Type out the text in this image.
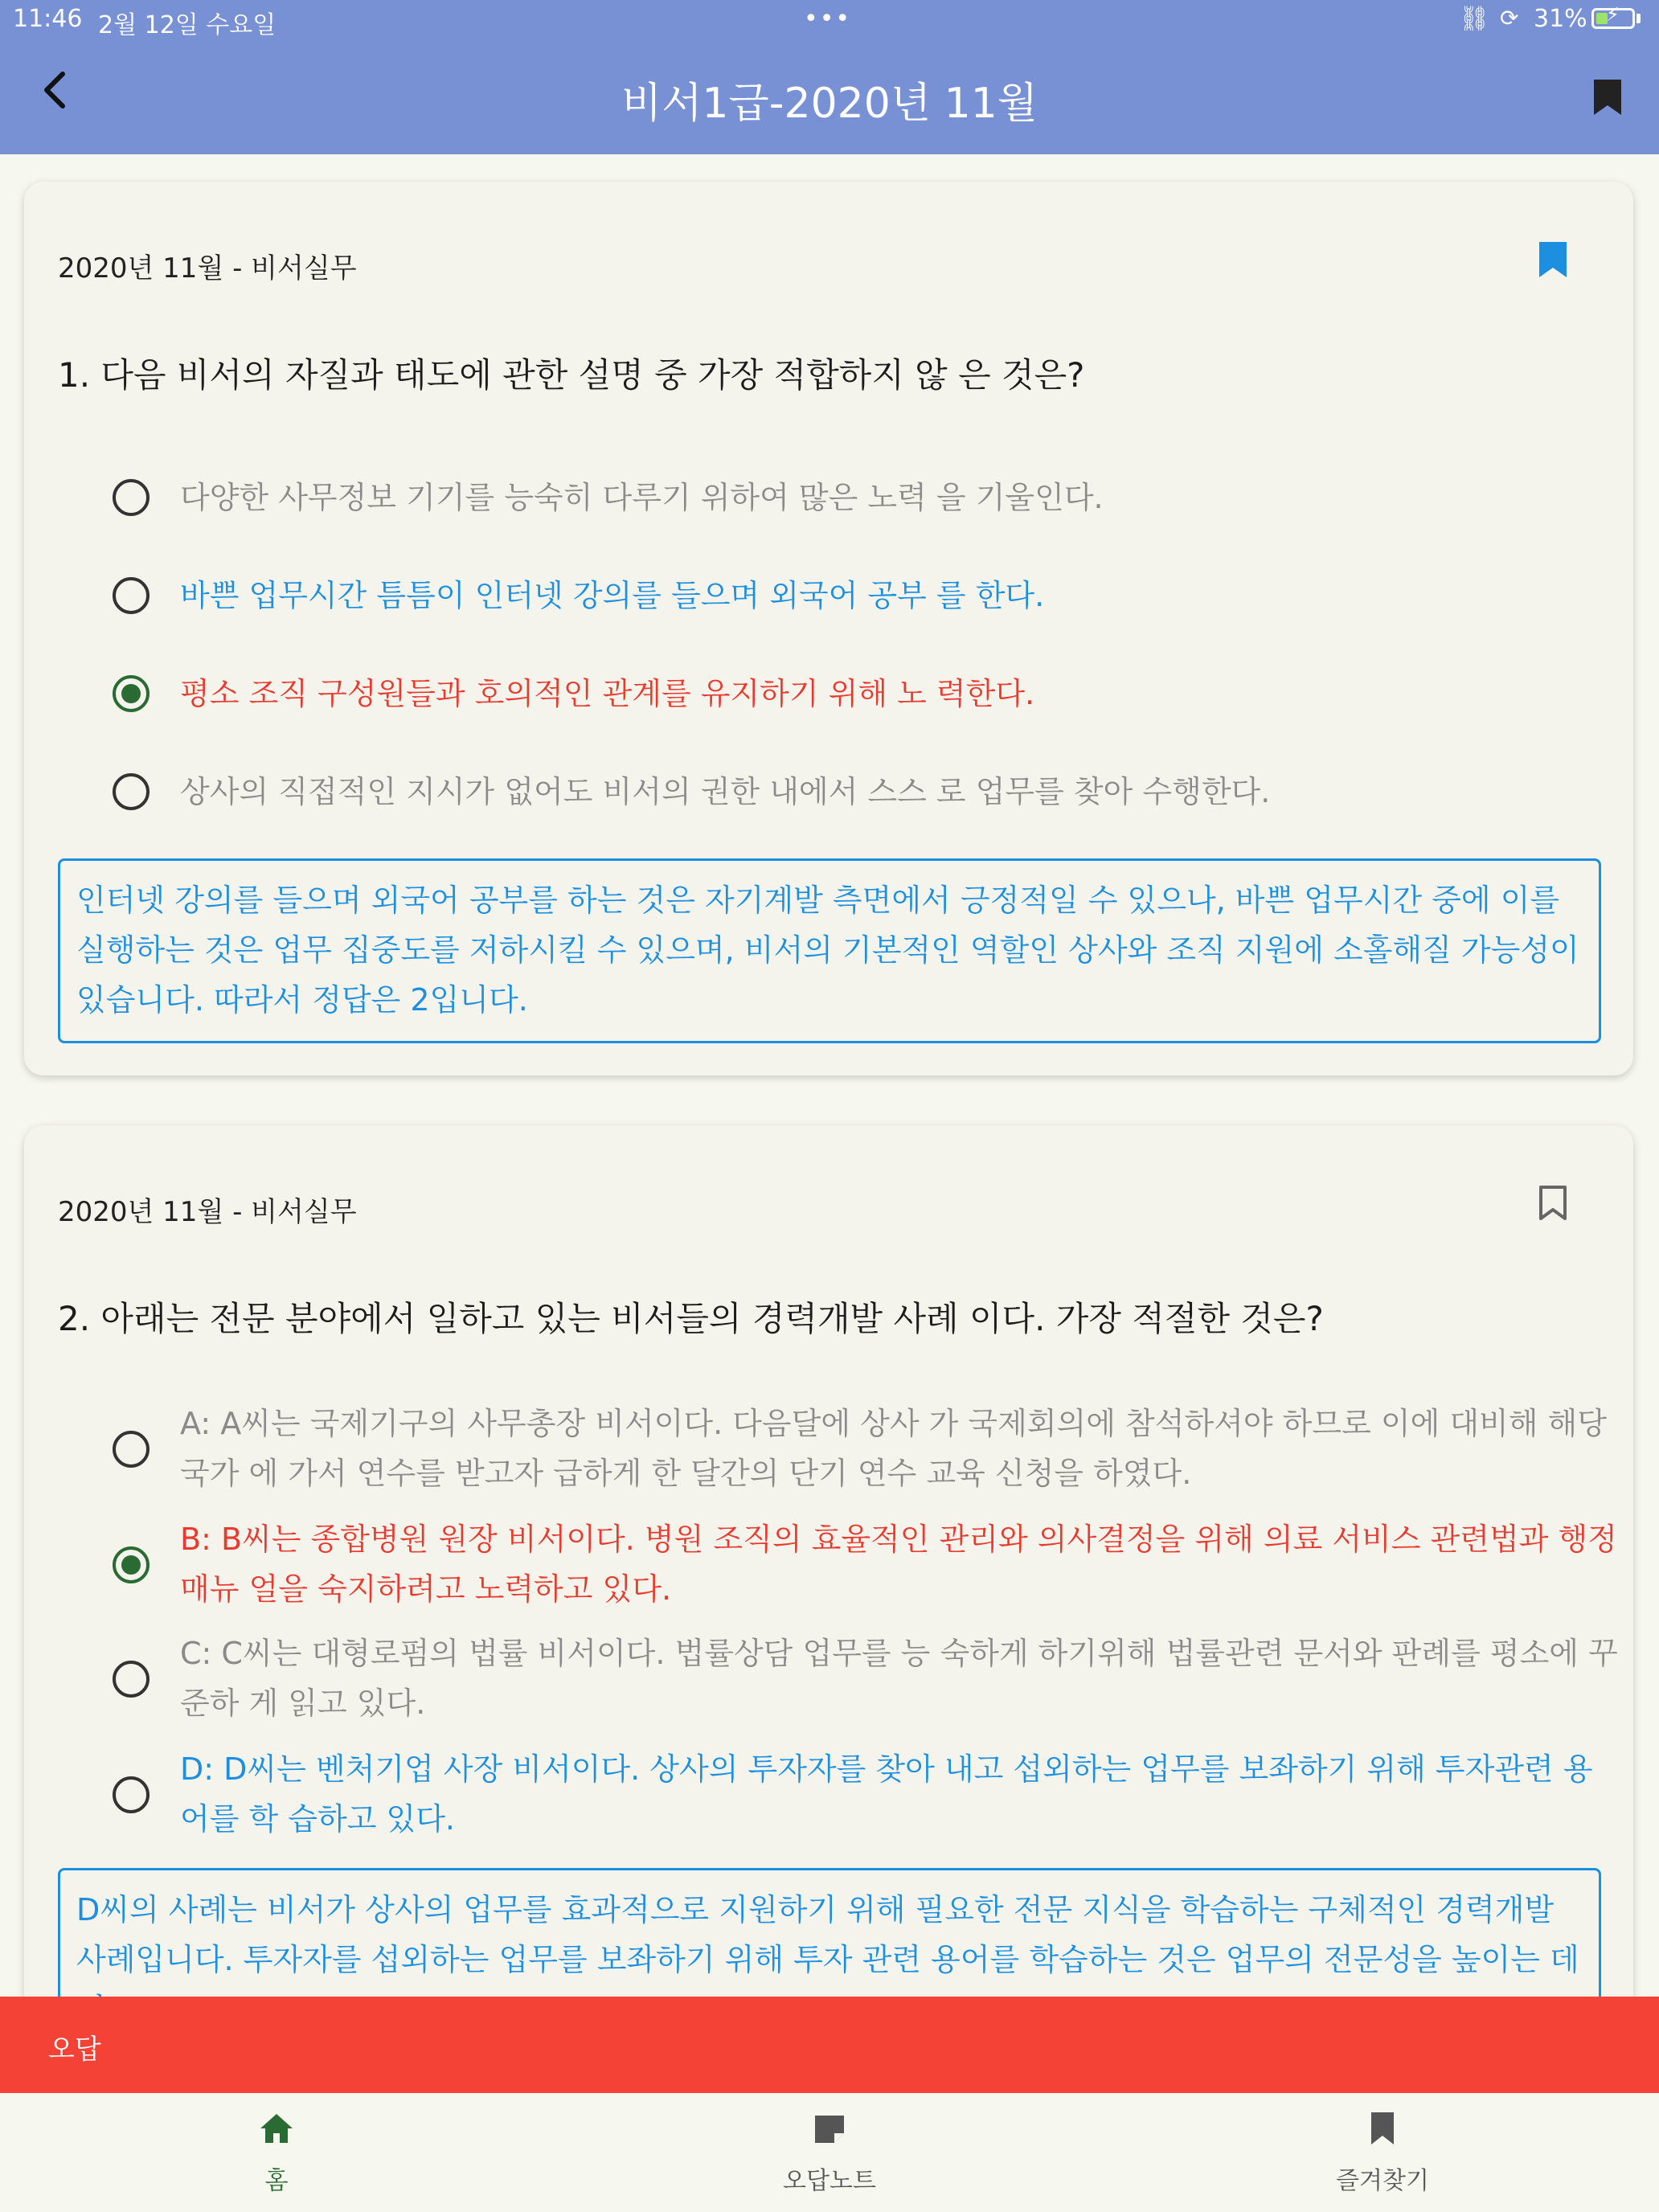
11:46 2월 12일 수요일	•••	⛓ ⟳ 31% ⚡
비서1급-2020년 11월
2020년 11월 - 비서실무
1. 다음 비서의 자질과 태도에 관한 설명 중 가장 적합하지 않 은 것은?
다양한 사무정보 기기를 능숙히 다루기 위하여 많은 노력 을 기울인다.
바쁜 업무시간 틈틈이 인터넷 강의를 들으며 외국어 공부 를 한다.
평소 조직 구성원들과 호의적인 관계를 유지하기 위해 노 력한다.
상사의 직접적인 지시가 없어도 비서의 권한 내에서 스스 로 업무를 찾아 수행한다.
인터넷 강의를 들으며 외국어 공부를 하는 것은 자기계발 측면에서 긍정적일 수 있으나, 바쁜 업무시간 중에 이를 실행하는 것은 업무 집중도를 저하시킬 수 있으며, 비서의 기본적인 역할인 상사와 조직 지원에 소홀해질 가능성이 있습니다. 따라서 정답은 2입니다.
2020년 11월 - 비서실무
2. 아래는 전문 분야에서 일하고 있는 비서들의 경력개발 사례 이다. 가장 적절한 것은?
A: A씨는 국제기구의 사무총장 비서이다. 다음달에 상사 가 국제회의에 참석하셔야 하므로 이에 대비해 해당 국가 에 가서 연수를 받고자 급하게 한 달간의 단기 연수 교육 신청을 하였다.
B: B씨는 종합병원 원장 비서이다. 병원 조직의 효율적인 관리와 의사결정을 위해 의료 서비스 관련법과 행정매뉴 얼을 숙지하려고 노력하고 있다.
C: C씨는 대형로펌의 법률 비서이다. 법률상담 업무를 능 숙하게 하기위해 법률관련 문서와 판례를 평소에 꾸준하 게 읽고 있다.
D: D씨는 벤처기업 사장 비서이다. 상사의 투자자를 찾아 내고 섭외하는 업무를 보좌하기 위해 투자관련 용어를 학 습하고 있다.
D씨의 사례는 비서가 상사의 업무를 효과적으로 지원하기 위해 필요한 전문 지식을 학습하는 구체적인 경력개발 사례입니다. 투자자를 섭외하는 업무를 보좌하기 위해 투자 관련 용어를 학습하는 것은 업무의 전문성을 높이는 데
오답
홈	오답노트	즐겨찾기
